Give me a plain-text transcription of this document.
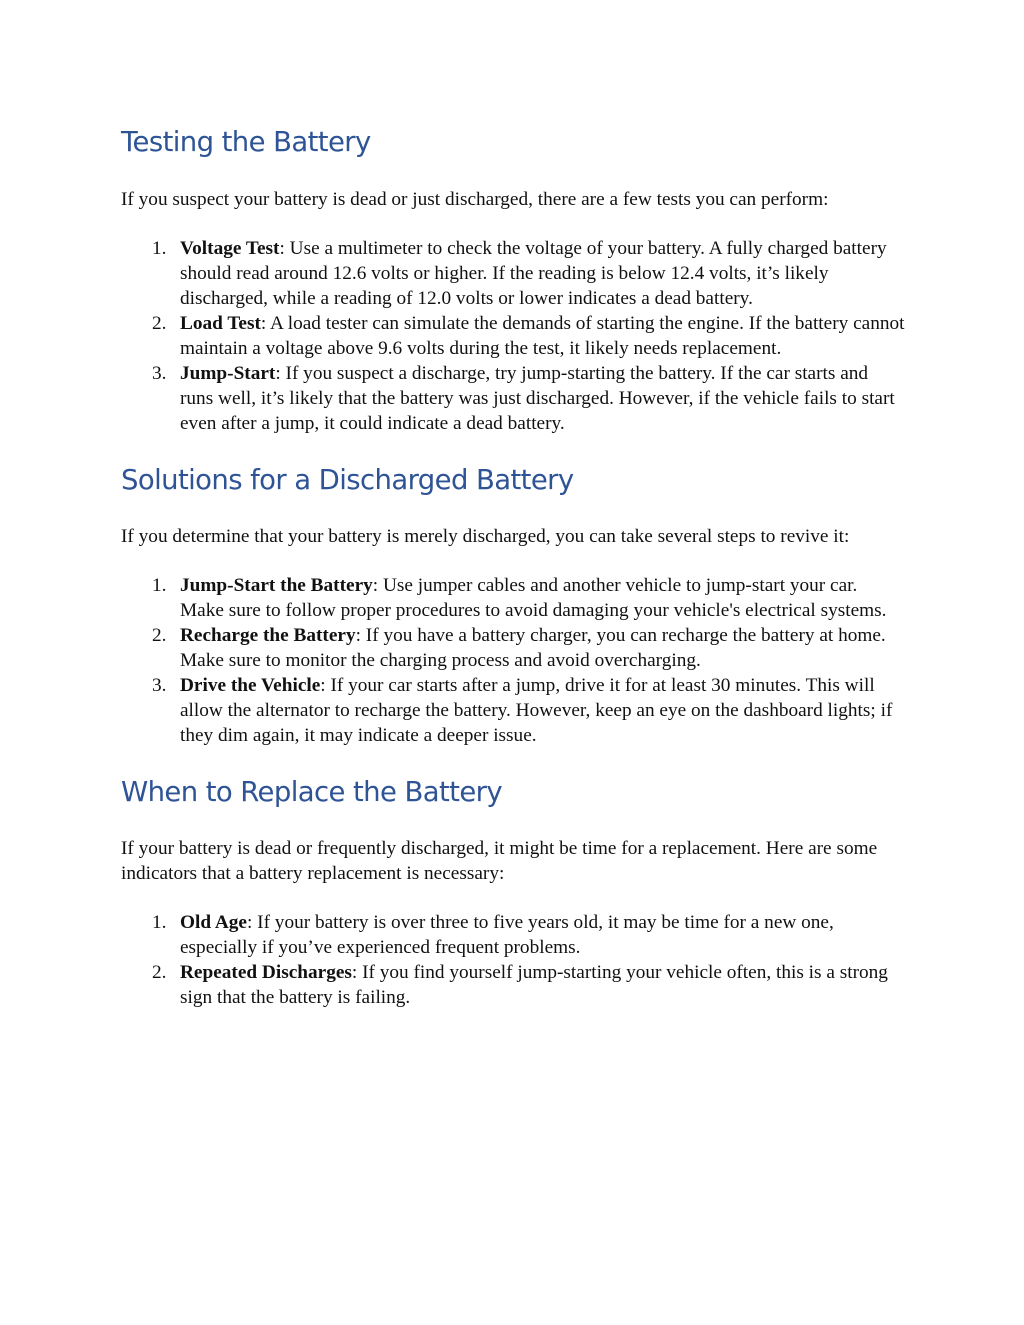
Testing the Battery

If you suspect your battery is dead or just discharged, there are a few tests you can perform:

1. Voltage Test: Use a multimeter to check the voltage of your battery. A fully charged battery should read around 12.6 volts or higher. If the reading is below 12.4 volts, it’s likely discharged, while a reading of 12.0 volts or lower indicates a dead battery.
2. Load Test: A load tester can simulate the demands of starting the engine. If the battery cannot maintain a voltage above 9.6 volts during the test, it likely needs replacement.
3. Jump-Start: If you suspect a discharge, try jump-starting the battery. If the car starts and runs well, it’s likely that the battery was just discharged. However, if the vehicle fails to start even after a jump, it could indicate a dead battery.
Solutions for a Discharged Battery

If you determine that your battery is merely discharged, you can take several steps to revive it:

1. Jump-Start the Battery: Use jumper cables and another vehicle to jump-start your car. Make sure to follow proper procedures to avoid damaging your vehicle's electrical systems.
2. Recharge the Battery: If you have a battery charger, you can recharge the battery at home. Make sure to monitor the charging process and avoid overcharging.
3. Drive the Vehicle: If your car starts after a jump, drive it for at least 30 minutes. This will allow the alternator to recharge the battery. However, keep an eye on the dashboard lights; if they dim again, it may indicate a deeper issue.
When to Replace the Battery

If your battery is dead or frequently discharged, it might be time for a replacement. Here are some indicators that a battery replacement is necessary:

1. Old Age: If your battery is over three to five years old, it may be time for a new one, especially if you’ve experienced frequent problems.
2. Repeated Discharges: If you find yourself jump-starting your vehicle often, this is a strong sign that the battery is failing.
